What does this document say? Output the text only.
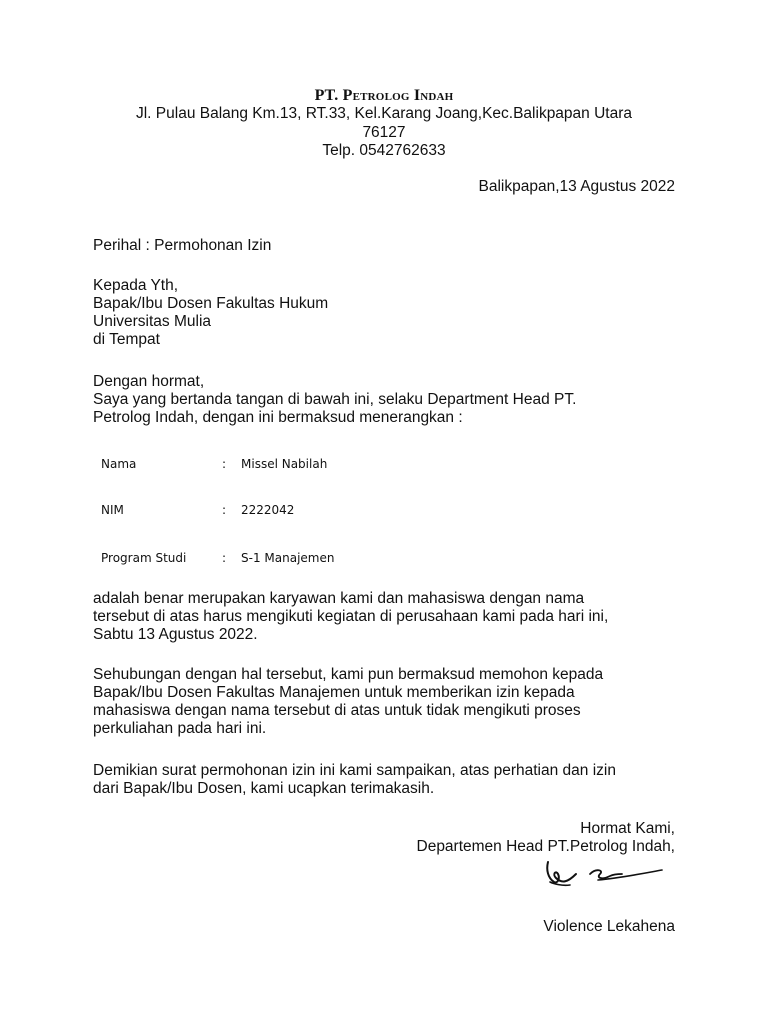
PT. Petrolog Indah
Jl. Pulau Balang Km.13, RT.33, Kel.Karang Joang,Kec.Balikpapan Utara
76127
Telp. 0542762633
Balikpapan,13 Agustus 2022
Perihal : Permohonan Izin
Kepada Yth,
Bapak/Ibu Dosen Fakultas Hukum
Universitas Mulia
di Tempat
Dengan hormat,
Saya yang bertanda tangan di bawah ini, selaku Department Head PT.
Petrolog Indah, dengan ini bermaksud menerangkan :
Nama	: Missel Nabilah
NIM	: 2222042
Program Studi	: S-1 Manajemen
adalah benar merupakan karyawan kami dan mahasiswa dengan nama
tersebut di atas harus mengikuti kegiatan di perusahaan kami pada hari ini,
Sabtu 13 Agustus 2022.
Sehubungan dengan hal tersebut, kami pun bermaksud memohon kepada
Bapak/Ibu Dosen Fakultas Manajemen untuk memberikan izin kepada
mahasiswa dengan nama tersebut di atas untuk tidak mengikuti proses
perkuliahan pada hari ini.
Demikian surat permohonan izin ini kami sampaikan, atas perhatian dan izin
dari Bapak/Ibu Dosen, kami ucapkan terimakasih.
Hormat Kami,
Departemen Head PT.Petrolog Indah,
Violence Lekahena
